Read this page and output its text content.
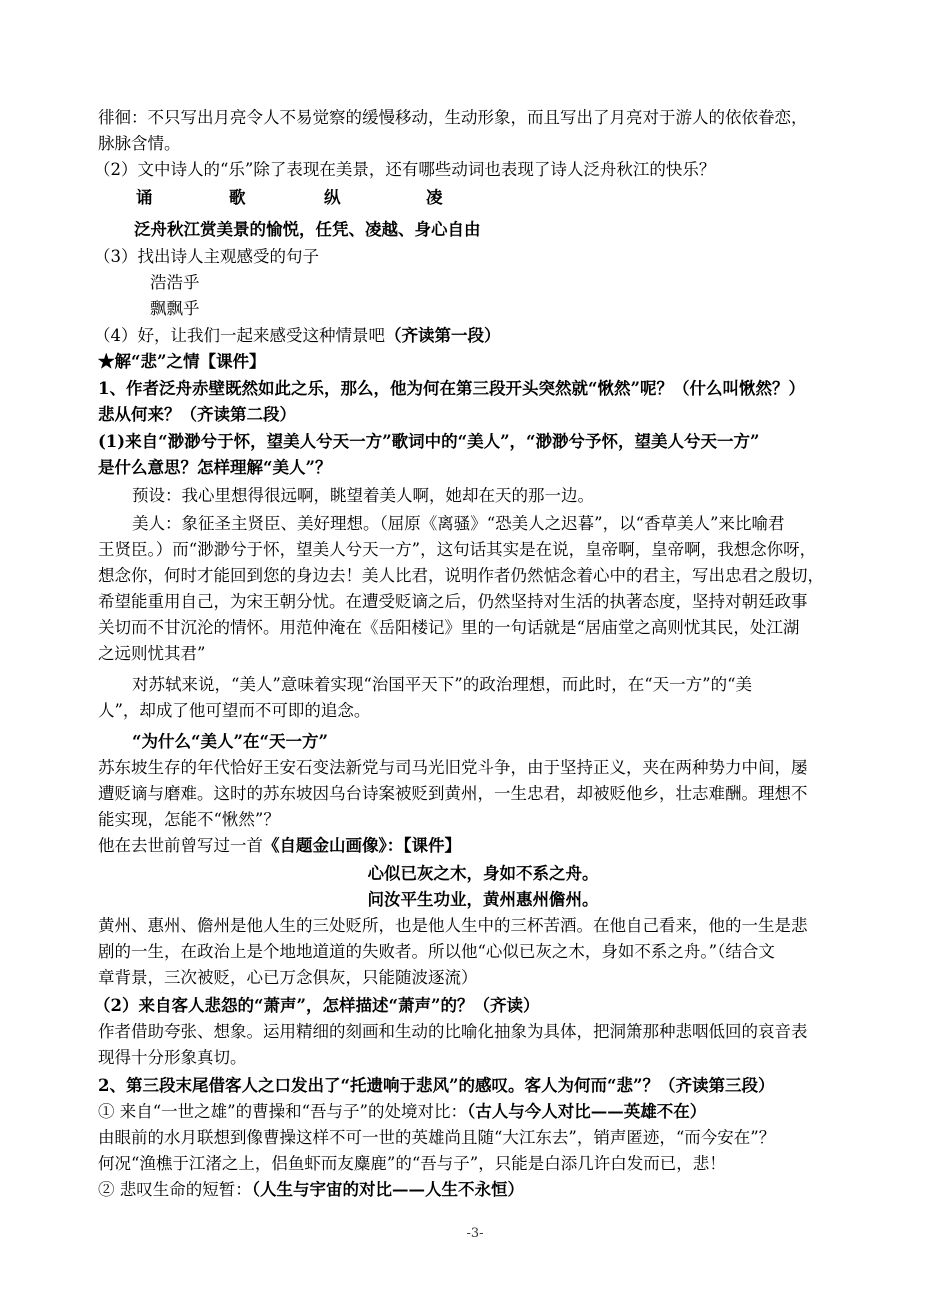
徘徊：不只写出月亮令人不易觉察的缓慢移动，生动形象，而且写出了月亮对于游人的依依眷恋，
脉脉含情。
（2）文中诗人的“乐”除了表现在美景，还有哪些动词也表现了诗人泛舟秋江的快乐？
诵	歌	纵	凌
泛舟秋江赏美景的愉悦，任凭、凌越、身心自由
（3）找出诗人主观感受的句子
浩浩乎
飘飘乎
（4）好，让我们一起来感受这种情景吧（齐读第一段）
★解“悲”之情【课件】
1、作者泛舟赤壁既然如此之乐，那么，他为何在第三段开头突然就“愀然”呢？（什么叫愀然？）
悲从何来？（齐读第二段）
(1)来自“渺渺兮于怀，望美人兮天一方”歌词中的“美人”，“渺渺兮予怀，望美人兮天一方”
是什么意思？怎样理解“美人”？
预设：我心里想得很远啊，眺望着美人啊，她却在天的那一边。
美人：象征圣主贤臣、美好理想。（屈原《离骚》“恐美人之迟暮”，以“香草美人”来比喻君
王贤臣。）而“渺渺兮于怀，望美人兮天一方”，这句话其实是在说，皇帝啊，皇帝啊，我想念你呀，
想念你，何时才能回到您的身边去！美人比君，说明作者仍然惦念着心中的君主，写出忠君之殷切，
希望能重用自己，为宋王朝分忧。在遭受贬谪之后，仍然坚持对生活的执著态度，坚持对朝廷政事
关切而不甘沉沦的情怀。用范仲淹在《岳阳楼记》里的一句话就是“居庙堂之高则忧其民，处江湖
之远则忧其君”
对苏轼来说，“美人”意味着实现“治国平天下”的政治理想，而此时，在“天一方”的“美
人”，却成了他可望而不可即的追念。
“为什么“美人”在“天一方”
苏东坡生存的年代恰好王安石变法新党与司马光旧党斗争，由于坚持正义，夹在两种势力中间，屡
遭贬谪与磨难。这时的苏东坡因乌台诗案被贬到黄州，一生忠君，却被贬他乡，壮志难酬。理想不
能实现，怎能不“愀然”？
他在去世前曾写过一首《自题金山画像》：【课件】
心似已灰之木，身如不系之舟。
问汝平生功业，黄州惠州儋州。
黄州、惠州、儋州是他人生的三处贬所，也是他人生中的三杯苦酒。在他自己看来，他的一生是悲
剧的一生，在政治上是个地地道道的失败者。所以他“心似已灰之木，身如不系之舟。”（结合文
章背景，三次被贬，心已万念俱灰，只能随波逐流）
（2）来自客人悲怨的“萧声”，怎样描述“萧声”的？（齐读）
作者借助夸张、想象。运用精细的刻画和生动的比喻化抽象为具体，把洞箫那种悲咽低回的哀音表
现得十分形象真切。
2、第三段末尾借客人之口发出了“托遗响于悲风”的感叹。客人为何而“悲”？（齐读第三段）
① 来自“一世之雄”的曹操和“吾与子”的处境对比：（古人与今人对比——英雄不在）
由眼前的水月联想到像曹操这样不可一世的英雄尚且随“大江东去”，销声匿迹，“而今安在”？
何况“渔樵于江渚之上，侣鱼虾而友麋鹿”的“吾与子”，只能是白添几许白发而已，悲！
② 悲叹生命的短暂：（人生与宇宙的对比——人生不永恒）
-3-
